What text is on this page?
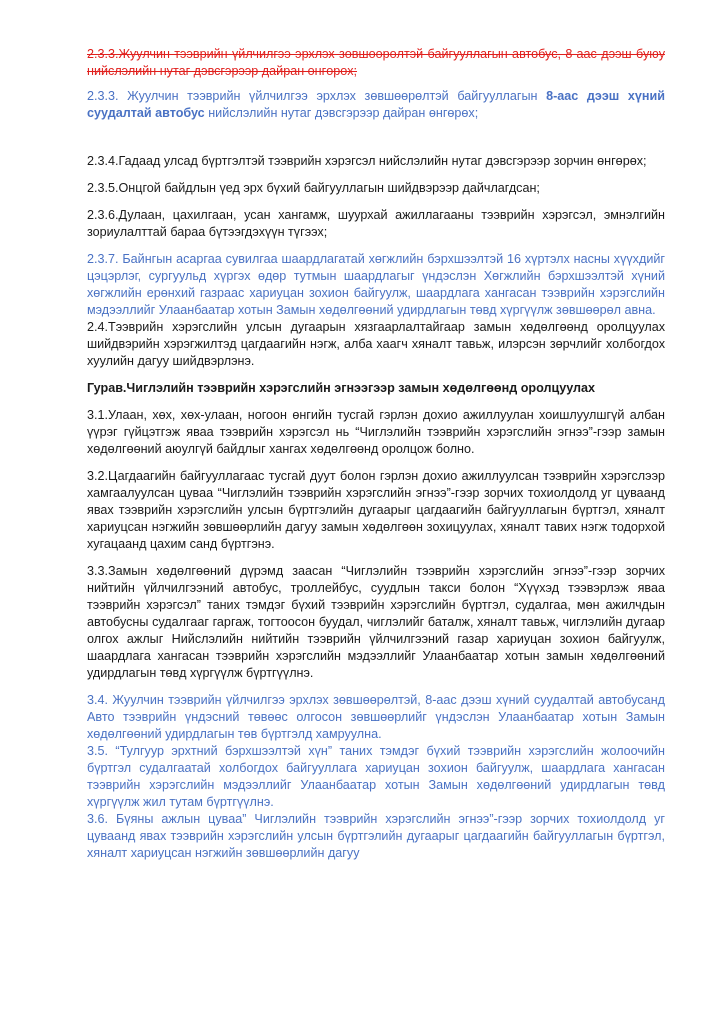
2.3.3.Жуулчин тээврийн үйлчилгээ эрхлэх зөвшөөрөлтэй байгууллагын автобус, 8-аас дээш буюу нийслэлийн нутаг дэвсгэрээр дайран өнгөрөх;

2.3.3. Жуулчин тээврийн үйлчилгээ эрхлэх зөвшөөрөлтэй байгууллагын 8-аас дээш хүний суудалтай автобус нийслэлийн нутаг дэвсгэрээр дайран өнгөрөх;

2.3.4.Гадаад улсад бүртгэлтэй тээврийн хэрэгсэл нийслэлийн нутаг дэвсгэрээр зорчин өнгөрөх;

2.3.5.Онцгой байдлын үед эрх бүхий байгууллагын шийдвэрээр дайчлагдсан;

2.3.6.Дулаан, цахилгаан, усан хангамж, шуурхай ажиллагааны тээврийн хэрэгсэл, эмнэлгийн зориулалттай бараа бүтээгдэхүүн түгээх;

2.3.7. Байнгын асаргаа сувилгаа шаардлагатай хөгжлийн бэрхшээлтэй 16 хүртэлх насны хүүхдийг цэцэрлэг, сургуульд хүргэх өдөр тутмын шаардлагыг үндэслэн Хөгжлийн бэрхшээлтэй хүний хөгжлийн ерөнхий газраас хариуцан зохион байгуулж, шаардлага хангасан тээврийн хэрэгслийн мэдээллийг Улаанбаатар хотын Замын хөдөлгөөний удирдлагын төвд хүргүүлж зөвшөөрөл авна.

2.4.Тээврийн хэрэгслийн улсын дугаарын хязгаарлалтайгаар замын хөдөлгөөнд оролцуулах шийдвэрийн хэрэгжилтэд цагдаагийн нэгж, алба хаагч хяналт тавьж, илэрсэн зөрчлийг холбогдох хуулийн дагуу шийдвэрлэнэ.

Гурав.Чиглэлийн тээврийн хэрэгслийн эгнээгээр замын хөдөлгөөнд оролцуулах

3.1.Улаан, хөх, хөх-улаан, ногоон өнгийн тусгай гэрлэн дохио ажиллуулан хоишлуулшгүй албан үүрэг гүйцэтгэж яваа тээврийн хэрэгсэл нь “Чиглэлийн тээврийн хэрэгслийн эгнээ”-гээр замын хөдөлгөөний аюулгүй байдлыг хангах хөдөлгөөнд оролцож болно.

3.2.Цагдаагийн байгууллагаас тусгай дуут болон гэрлэн дохио ажиллуулсан тээврийн хэрэгслээр хамгаалуулсан цуваа “Чиглэлийн тээврийн хэрэгслийн эгнээ”-гээр зорчих тохиолдолд уг цуваанд явах тээврийн хэрэгслийн улсын бүртгэлийн дугаарыг цагдаагийн байгууллагын бүртгэл, хяналт хариуцсан нэгжийн зөвшөөрлийн дагуу замын хөдөлгөөн зохицуулах, хяналт тавих нэгж тодорхой хугацаанд цахим санд бүртгэнэ.

3.3.Замын хөдөлгөөний дүрэмд заасан “Чиглэлийн тээврийн хэрэгслийн эгнээ”-гээр зорчих нийтийн үйлчилгээний автобус, троллейбус, суудлын такси болон “Хүүхэд тээвэрлэж яваа тээврийн хэрэгсэл” таних тэмдэг бүхий тээврийн хэрэгслийн бүртгэл, судалгаа, мөн ажилчдын автобусны судалгааг гаргаж, тогтоосон буудал, чиглэлийг баталж, хяналт тавьж, чиглэлийн дугаар олгох ажлыг Нийслэлийн нийтийн тээврийн үйлчилгээний газар хариуцан зохион байгуулж, шаардлага хангасан тээврийн хэрэгслийн мэдээллийг Улаанбаатар хотын замын хөдөлгөөний удирдлагын төвд хүргүүлж бүртгүүлнэ.

3.4. Жуулчин тээврийн үйлчилгээ эрхлэх зөвшөөрөлтэй, 8-аас дээш хүний суудалтай автобусанд Авто тээврийн үндэсний төвөөс олгосон зөвшөөрлийг үндэслэн Улаанбаатар хотын Замын хөдөлгөөний удирдлагын төв бүртгэлд хамруулна.

3.5. “Тулгуур эрхтний бэрхшээлтэй хүн” таних тэмдэг бүхий тээврийн хэрэгслийн жолоочийн бүртгэл судалгаатай холбогдох байгууллага хариуцан зохион байгуулж, шаардлага хангасан тээврийн хэрэгслийн мэдээллийг Улаанбаатар хотын Замын хөдөлгөөний удирдлагын төвд хүргүүлж жил тутам бүртгүүлнэ.

3.6. Бүяны ажлын цуваа” Чиглэлийн тээврийн хэрэгслийн эгнээ”-гээр зорчих тохиолдолд уг цуваанд явах тээврийн хэрэгслийн улсын бүртгэлийн дугаарыг цагдаагийн байгууллагын бүртгэл, хяналт хариуцсан нэгжийн зөвшөөрлийн дагуу
